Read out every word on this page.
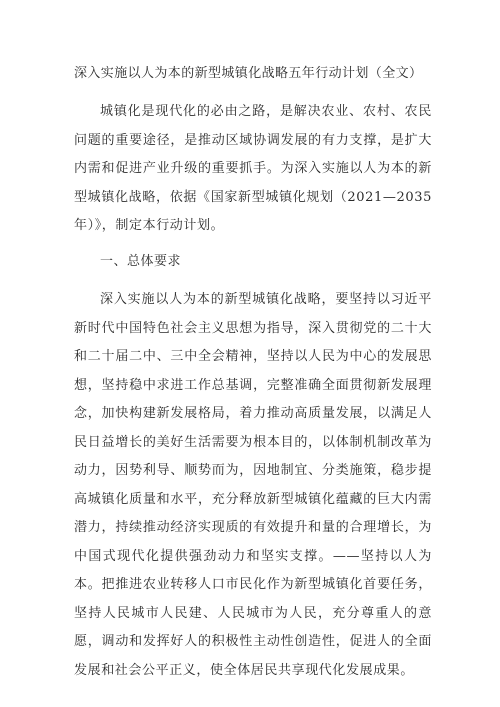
深入实施以人为本的新型城镇化战略五年行动计划（全文）

城镇化是现代化的必由之路，是解决农业、农村、农民问题的重要途径，是推动区域协调发展的有力支撑，是扩大内需和促进产业升级的重要抓手。为深入实施以人为本的新型城镇化战略，依据《国家新型城镇化规划（2021—2035年）》，制定本行动计划。

一、总体要求

深入实施以人为本的新型城镇化战略，要坚持以习近平新时代中国特色社会主义思想为指导，深入贯彻党的二十大和二十届二中、三中全会精神，坚持以人民为中心的发展思想，坚持稳中求进工作总基调，完整准确全面贯彻新发展理念，加快构建新发展格局，着力推动高质量发展，以满足人民日益增长的美好生活需要为根本目的，以体制机制改革为动力，因势利导、顺势而为，因地制宜、分类施策，稳步提高城镇化质量和水平，充分释放新型城镇化蕴藏的巨大内需潜力，持续推动经济实现质的有效提升和量的合理增长，为中国式现代化提供强劲动力和坚实支撑。——坚持以人为本。把推进农业转移人口市民化作为新型城镇化首要任务，坚持人民城市人民建、人民城市为人民，充分尊重人的意愿，调动和发挥好人的积极性主动性创造性，促进人的全面发展和社会公平正义，使全体居民共享现代化发展成果。
